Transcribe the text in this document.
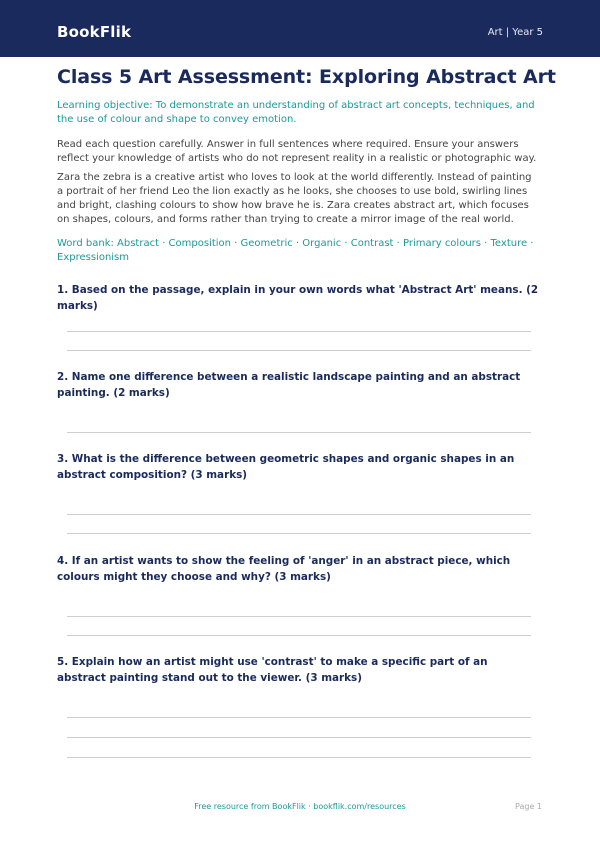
BookFlik	Art | Year 5
Class 5 Art Assessment: Exploring Abstract Art

Learning objective: To demonstrate an understanding of abstract art concepts, techniques, and the use of colour and shape to convey emotion.

Read each question carefully. Answer in full sentences where required. Ensure your answers reflect your knowledge of artists who do not represent reality in a realistic or photographic way.

Zara the zebra is a creative artist who loves to look at the world differently. Instead of painting a portrait of her friend Leo the lion exactly as he looks, she chooses to use bold, swirling lines and bright, clashing colours to show how brave he is. Zara creates abstract art, which focuses on shapes, colours, and forms rather than trying to create a mirror image of the real world.

Word bank: Abstract · Composition · Geometric · Organic · Contrast · Primary colours · Texture · Expressionism

1. Based on the passage, explain in your own words what 'Abstract Art' means. (2 marks)

2. Name one difference between a realistic landscape painting and an abstract painting. (2 marks)

3. What is the difference between geometric shapes and organic shapes in an abstract composition? (3 marks)

4. If an artist wants to show the feeling of 'anger' in an abstract piece, which colours might they choose and why? (3 marks)

5. Explain how an artist might use 'contrast' to make a specific part of an abstract painting stand out to the viewer. (3 marks)

Free resource from BookFlik · bookflik.com/resources	Page 1
